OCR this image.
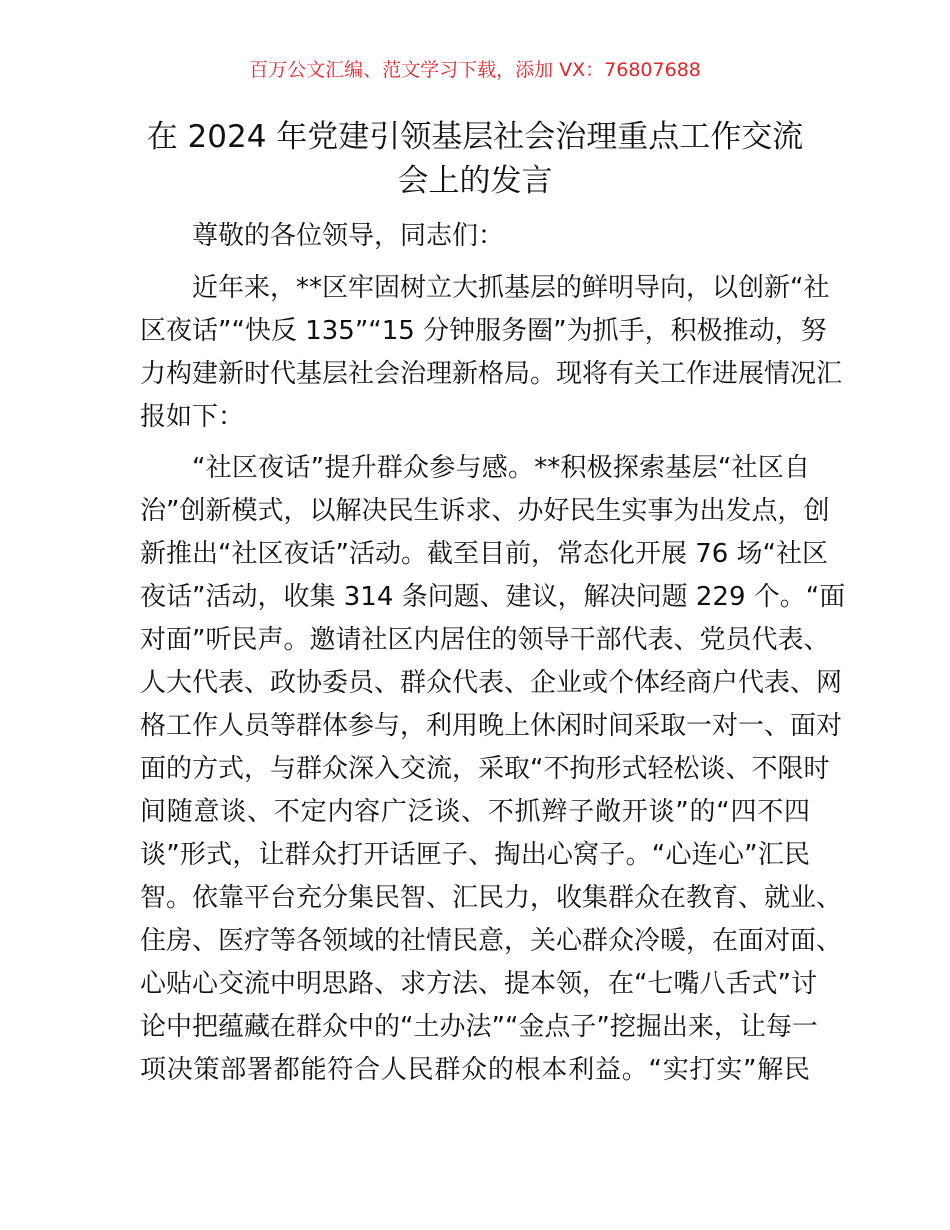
百万公文汇编、范文学习下载，添加 VX：76807688
在 2024 年党建引领基层社会治理重点工作交流
会上的发言
尊敬的各位领导，同志们：
近年来，**区牢固树立大抓基层的鲜明导向，以创新“社
区夜话”“快反 135”“15 分钟服务圈”为抓手，积极推动，努
力构建新时代基层社会治理新格局。现将有关工作进展情况汇
报如下：
“社区夜话”提升群众参与感。**积极探索基层“社区自
治”创新模式，以解决民生诉求、办好民生实事为出发点，创
新推出“社区夜话”活动。截至目前，常态化开展 76 场“社区
夜话”活动，收集 314 条问题、建议，解决问题 229 个。“面
对面”听民声。邀请社区内居住的领导干部代表、党员代表、
人大代表、政协委员、群众代表、企业或个体经商户代表、网
格工作人员等群体参与，利用晚上休闲时间采取一对一、面对
面的方式，与群众深入交流，采取“不拘形式轻松谈、不限时
间随意谈、不定内容广泛谈、不抓辫子敞开谈”的“四不四
谈”形式，让群众打开话匣子、掏出心窝子。“心连心”汇民
智。依靠平台充分集民智、汇民力，收集群众在教育、就业、
住房、医疗等各领域的社情民意，关心群众冷暖，在面对面、
心贴心交流中明思路、求方法、提本领，在“七嘴八舌式”讨
论中把蕴藏在群众中的“土办法”“金点子”挖掘出来，让每一
项决策部署都能符合人民群众的根本利益。“实打实”解民
